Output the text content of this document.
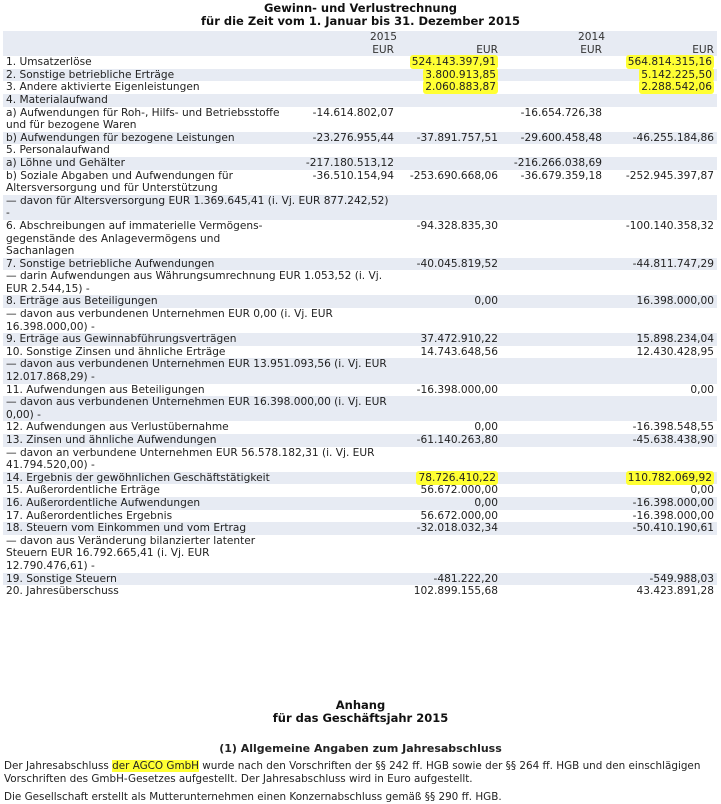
Gewinn- und Verlustrechnung
für die Zeit vom 1. Januar bis 31. Dezember 2015
	2015		2014	
	EUR	EUR	EUR	EUR
1. Umsatzerlöse		524.143.397,91		564.814.315,16
2. Sonstige betriebliche Erträge		3.800.913,85		5.142.225,50
3. Andere aktivierte Eigenleistungen		2.060.883,87		2.288.542,06
4. Materialaufwand				
a) Aufwendungen für Roh-, Hilfs- und Betriebsstoffe und für bezogene Waren	-14.614.802,07		-16.654.726,38	
b) Aufwendungen für bezogene Leistungen	-23.276.955,44	-37.891.757,51	-29.600.458,48	-46.255.184,86
5. Personalaufwand				
a) Löhne und Gehälter	-217.180.513,12		-216.266.038,69	
b) Soziale Abgaben und Aufwendungen für Altersversorgung und für Unterstützung	-36.510.154,94	-253.690.668,06	-36.679.359,18	-252.945.397,87
— davon für Altersversorgung EUR 1.369.645,41 (i. Vj. EUR 877.242,52) -				
6. Abschreibungen auf immaterielle Vermögens-gegenstände des Anlagevermögens und Sachanlagen		-94.328.835,30		-100.140.358,32
7. Sonstige betriebliche Aufwendungen		-40.045.819,52		-44.811.747,29
— darin Aufwendungen aus Währungsumrechnung EUR 1.053,52 (i. Vj. EUR 2.544,15) -				
8. Erträge aus Beteiligungen		0,00		16.398.000,00
— davon aus verbundenen Unternehmen EUR 0,00 (i. Vj. EUR 16.398.000,00) -				
9. Erträge aus Gewinnabführungsverträgen		37.472.910,22		15.898.234,04
10. Sonstige Zinsen und ähnliche Erträge		14.743.648,56		12.430.428,95
— davon aus verbundenen Unternehmen EUR 13.951.093,56 (i. Vj. EUR 12.017.868,29) -				
11. Aufwendungen aus Beteiligungen		-16.398.000,00		0,00
— davon aus verbundenen Unternehmen EUR 16.398.000,00 (i. Vj. EUR 0,00) -				
12. Aufwendungen aus Verlustübernahme		0,00		-16.398.548,55
13. Zinsen und ähnliche Aufwendungen		-61.140.263,80		-45.638.438,90
— davon an verbundene Unternehmen EUR 56.578.182,31 (i. Vj. EUR 41.794.520,00) -				
14. Ergebnis der gewöhnlichen Geschäftstätigkeit		78.726.410,22		110.782.069,92
15. Außerordentliche Erträge		56.672.000,00		0,00
16. Außerordentliche Aufwendungen		0,00		-16.398.000,00
17. Außerordentliches Ergebnis		56.672.000,00		-16.398.000,00
18. Steuern vom Einkommen und vom Ertrag		-32.018.032,34		-50.410.190,61
— davon aus Veränderung bilanzierter latenter Steuern EUR 16.792.665,41 (i. Vj. EUR 12.790.476,61) -				
19. Sonstige Steuern		-481.222,20		-549.988,03
20. Jahresüberschuss		102.899.155,68		43.423.891,28
Anhang
für das Geschäftsjahr 2015
(1) Allgemeine Angaben zum Jahresabschluss
Der Jahresabschluss der AGCO GmbH wurde nach den Vorschriften der §§ 242 ff. HGB sowie der §§ 264 ff. HGB und den einschlägigen Vorschriften des GmbH-Gesetzes aufgestellt. Der Jahresabschluss wird in Euro aufgestellt.
Die Gesellschaft erstellt als Mutterunternehmen einen Konzernabschluss gemäß §§ 290 ff. HGB.
